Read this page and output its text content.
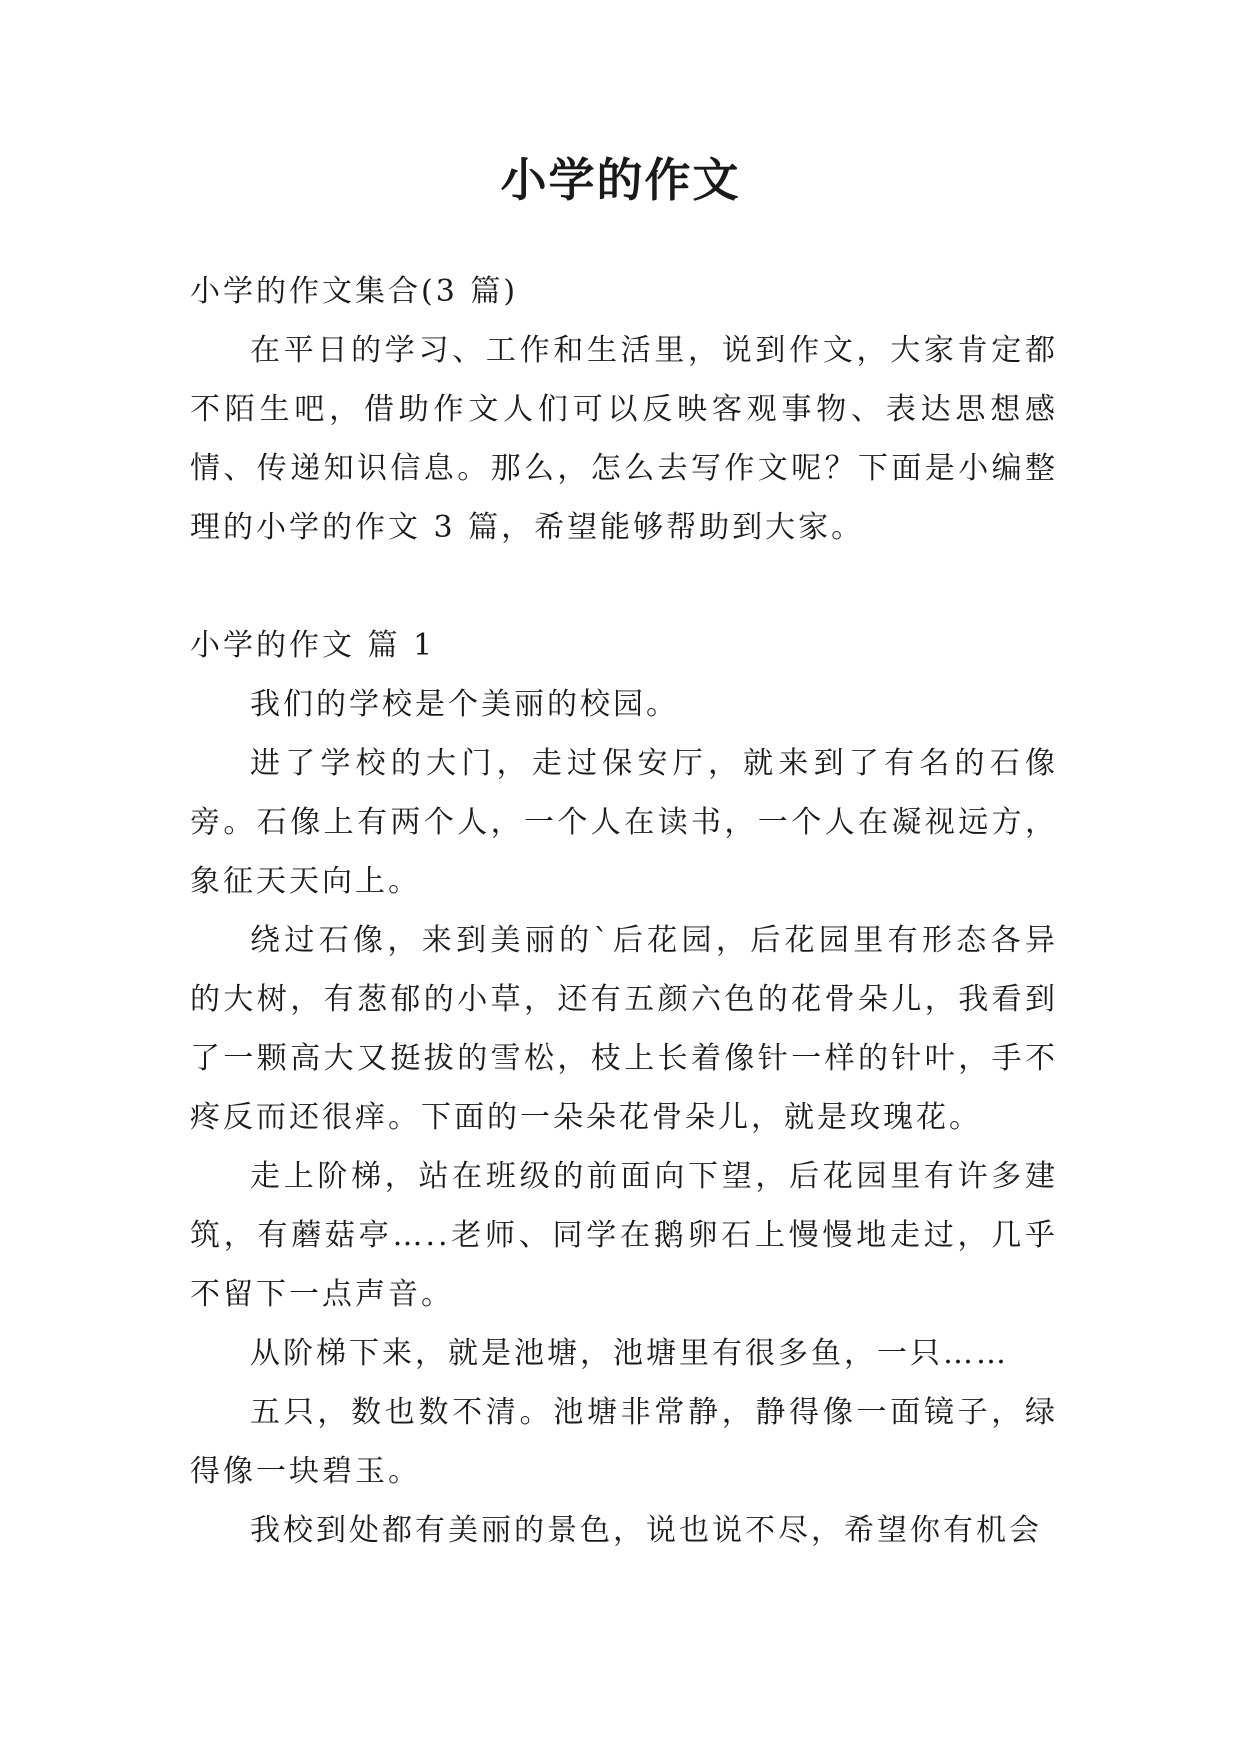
小学的作文

小学的作文集合(3 篇)

在平日的学习、工作和生活里，说到作文，大家肯定都不陌生吧，借助作文人们可以反映客观事物、表达思想感情、传递知识信息。那么，怎么去写作文呢？下面是小编整理的小学的作文 3 篇，希望能够帮助到大家。

小学的作文 篇 1

我们的学校是个美丽的校园。

进了学校的大门，走过保安厅，就来到了有名的石像旁。石像上有两个人，一个人在读书，一个人在凝视远方，象征天天向上。

绕过石像，来到美丽的`后花园，后花园里有形态各异的大树，有葱郁的小草，还有五颜六色的花骨朵儿，我看到了一颗高大又挺拔的雪松，枝上长着像针一样的针叶，手不疼反而还很痒。下面的一朵朵花骨朵儿，就是玫瑰花。

走上阶梯，站在班级的前面向下望，后花园里有许多建筑，有蘑菇亭…..老师、同学在鹅卵石上慢慢地走过，几乎不留下一点声音。

从阶梯下来，就是池塘，池塘里有很多鱼，一只……

五只，数也数不清。池塘非常静，静得像一面镜子，绿得像一块碧玉。

我校到处都有美丽的景色，说也说不尽，希望你有机会
